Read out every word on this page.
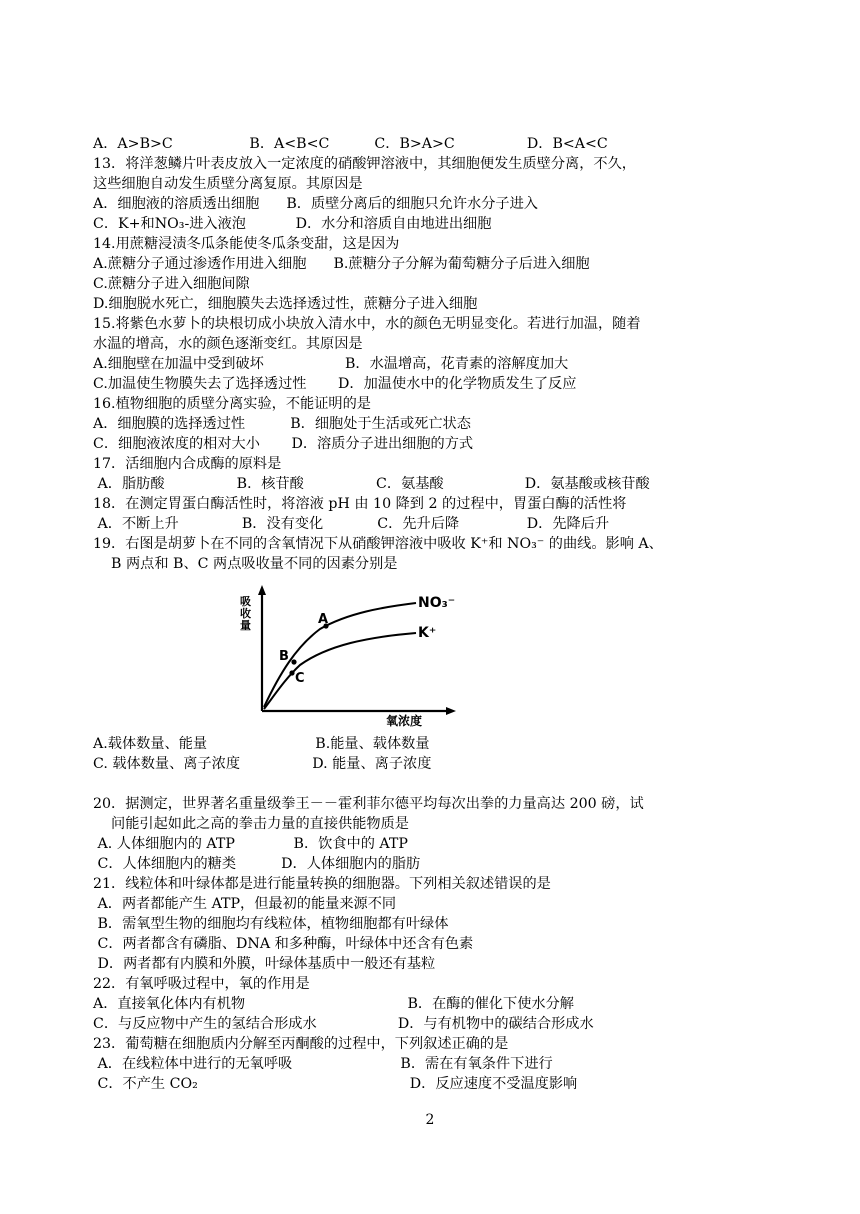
A．A>B>C                 B．A<B<C          C．B>A>C                D．B<A<C
13．将洋葱鳞片叶表皮放入一定浓度的硝酸钾溶液中，其细胞便发生质壁分离，不久，
这些细胞自动发生质壁分离复原。其原因是
A．细胞液的溶质透出细胞      B．质壁分离后的细胞只允许水分子进入
C．K+和NO₃-进入液泡           D．水分和溶质自由地进出细胞
14.用蔗糖浸渍冬瓜条能使冬瓜条变甜，这是因为
A.蔗糖分子通过渗透作用进入细胞      B.蔗糖分子分解为葡萄糖分子后进入细胞
C.蔗糖分子进入细胞间隙
D.细胞脱水死亡，细胞膜失去选择透过性，蔗糖分子进入细胞
15.将紫色水萝卜的块根切成小块放入清水中，水的颜色无明显变化。若进行加温，随着
水温的增高，水的颜色逐渐变红。其原因是
A.细胞壁在加温中受到破坏                  B．水温增高，花青素的溶解度加大
C.加温使生物膜失去了选择透过性       D．加温使水中的化学物质发生了反应
16.植物细胞的质壁分离实验，不能证明的是
A．细胞膜的选择透过性          B．细胞处于生活或死亡状态
C．细胞液浓度的相对大小       D．溶质分子进出细胞的方式
17．活细胞内合成酶的原料是
A．脂肪酸                B．核苷酸                C．氨基酸                  D．氨基酸或核苷酸
18．在测定胃蛋白酶活性时，将溶液 pH 由 10 降到 2 的过程中，胃蛋白酶的活性将
A．不断上升              B．没有变化            C．先升后降               D．先降后升
19．右图是胡萝卜在不同的含氧情况下从硝酸钾溶液中吸收 K⁺和 NO₃⁻ 的曲线。影响 A、
B 两点和 B、C 两点吸收量不同的因素分别是
吸
收
量
氧浓度
NO₃⁻
K⁺
A
B
C
A.载体数量、能量                        B.能量、载体数量
C. 载体数量、离子浓度                D. 能量、离子浓度
20．据测定，世界著名重量级拳王－－霍利菲尔德平均每次出拳的力量高达 200 磅，试
问能引起如此之高的拳击力量的直接供能物质是
A. 人体细胞内的 ATP             B．饮食中的 ATP
C．人体细胞内的糖类          D．人体细胞内的脂肪
21．线粒体和叶绿体都是进行能量转换的细胞器。下列相关叙述错误的是
A．两者都能产生 ATP，但最初的能量来源不同
B．需氧型生物的细胞均有线粒体，植物细胞都有叶绿体
C．两者都含有磷脂、DNA 和多种酶，叶绿体中还含有色素
D．两者都有内膜和外膜，叶绿体基质中一般还有基粒
22．有氧呼吸过程中，氧的作用是
A．直接氧化体内有机物                                    B．在酶的催化下使水分解
C．与反应物中产生的氢结合形成水                  D．与有机物中的碳结合形成水
23．葡萄糖在细胞质内分解至丙酮酸的过程中，下列叙述正确的是
A．在线粒体中进行的无氧呼吸                        B．需在有氧条件下进行
C．不产生 CO₂                                               D．反应速度不受温度影响
2
